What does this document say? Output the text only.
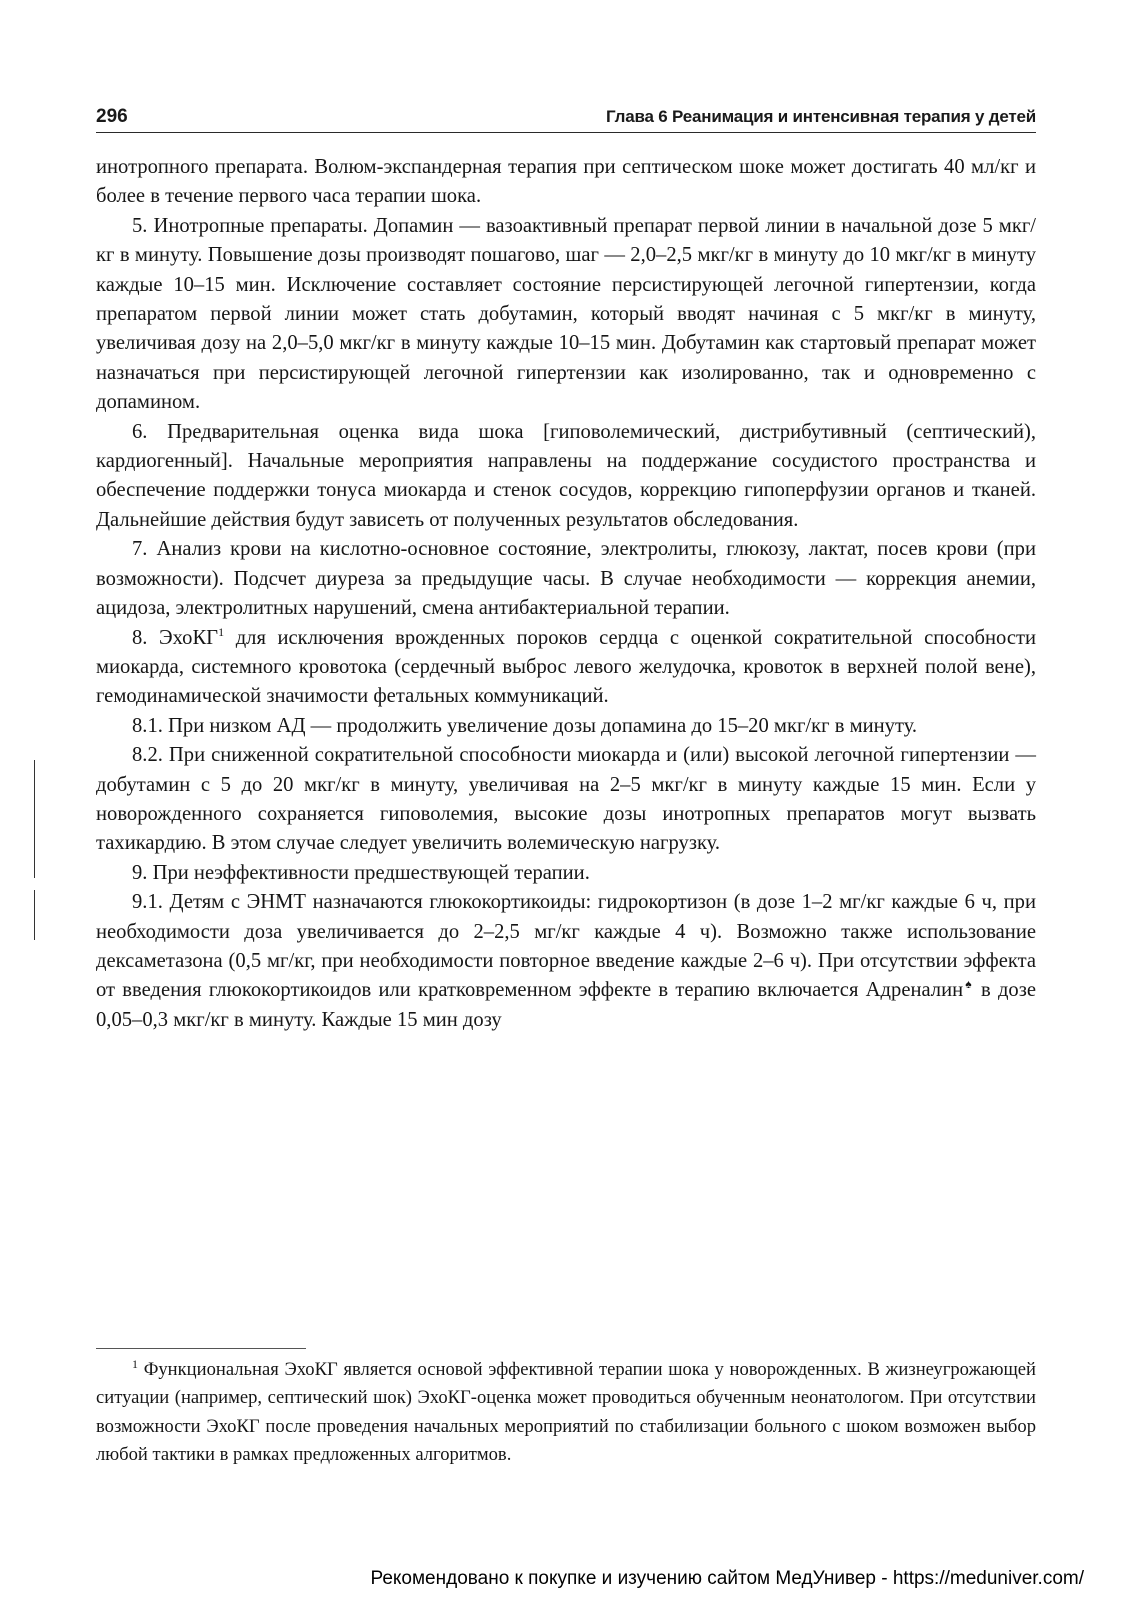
296	Глава 6 Реанимация и интенсивная терапия у детей

инотропного препарата. Волюм-экспандерная терапия при септическом шоке может достигать 40 мл/кг и более в течение первого часа терапии шока.

5. Инотропные препараты. Допамин — вазоактивный препарат первой линии в начальной дозе 5 мкг/кг в минуту. Повышение дозы производят пошагово, шаг — 2,0–2,5 мкг/кг в минуту до 10 мкг/кг в минуту каждые 10–15 мин. Исключение составляет состояние персистирующей легочной гипертензии, когда препаратом первой линии может стать добутамин, который вводят начиная с 5 мкг/кг в минуту, увеличивая дозу на 2,0–5,0 мкг/кг в минуту каждые 10–15 мин. Добутамин как стартовый препарат может назначаться при персистирующей легочной гипертензии как изолированно, так и одновременно с допамином.

6. Предварительная оценка вида шока [гиповолемический, дистрибутивный (септический), кардиогенный]. Начальные мероприятия направлены на поддержание сосудистого пространства и обеспечение поддержки тонуса миокарда и стенок сосудов, коррекцию гипоперфузии органов и тканей. Дальнейшие действия будут зависеть от полученных результатов обследования.

7. Анализ крови на кислотно-основное состояние, электролиты, глюкозу, лактат, посев крови (при возможности). Подсчет диуреза за предыдущие часы. В случае необходимости — коррекция анемии, ацидоза, электролитных нарушений, смена антибактериальной терапии.

8. ЭхоКГ$^1$ для исключения врожденных пороков сердца с оценкой сократительной способности миокарда, системного кровотока (сердечный выброс левого желудочка, кровоток в верхней полой вене), гемодинамической значимости фетальных коммуникаций.

8.1. При низком АД — продолжить увеличение дозы допамина до 15–20 мкг/кг в минуту.

8.2. При сниженной сократительной способности миокарда и (или) высокой легочной гипертензии — добутамин с 5 до 20 мкг/кг в минуту, увеличивая на 2–5 мкг/кг в минуту каждые 15 мин. Если у новорожденного сохраняется гиповолемия, высокие дозы инотропных препаратов могут вызвать тахикардию. В этом случае следует увеличить волемическую нагрузку.

9. При неэффективности предшествующей терапии.

9.1. Детям с ЭНМТ назначаются глюкокортикоиды: гидрокортизон (в дозе 1–2 мг/кг каждые 6 ч, при необходимости доза увеличивается до 2–2,5 мг/кг каждые 4 ч). Возможно также использование дексаметазона (0,5 мг/кг, при необходимости повторное введение каждые 2–6 ч). При отсутствии эффекта от введения глюкокортикоидов или кратковременном эффекте в терапию включается Адреналин♠ в дозе 0,05–0,3 мкг/кг в минуту. Каждые 15 мин дозу

$^1$ Функциональная ЭхоКГ является основой эффективной терапии шока у новорожденных. В жизнеугрожающей ситуации (например, септический шок) ЭхоКГ-оценка может проводиться обученным неонатологом. При отсутствии возможности ЭхоКГ после проведения начальных мероприятий по стабилизации больного с шоком возможен выбор любой тактики в рамках предложенных алгоритмов.

Рекомендовано к покупке и изучению сайтом МедУнивер - https://meduniver.com/
